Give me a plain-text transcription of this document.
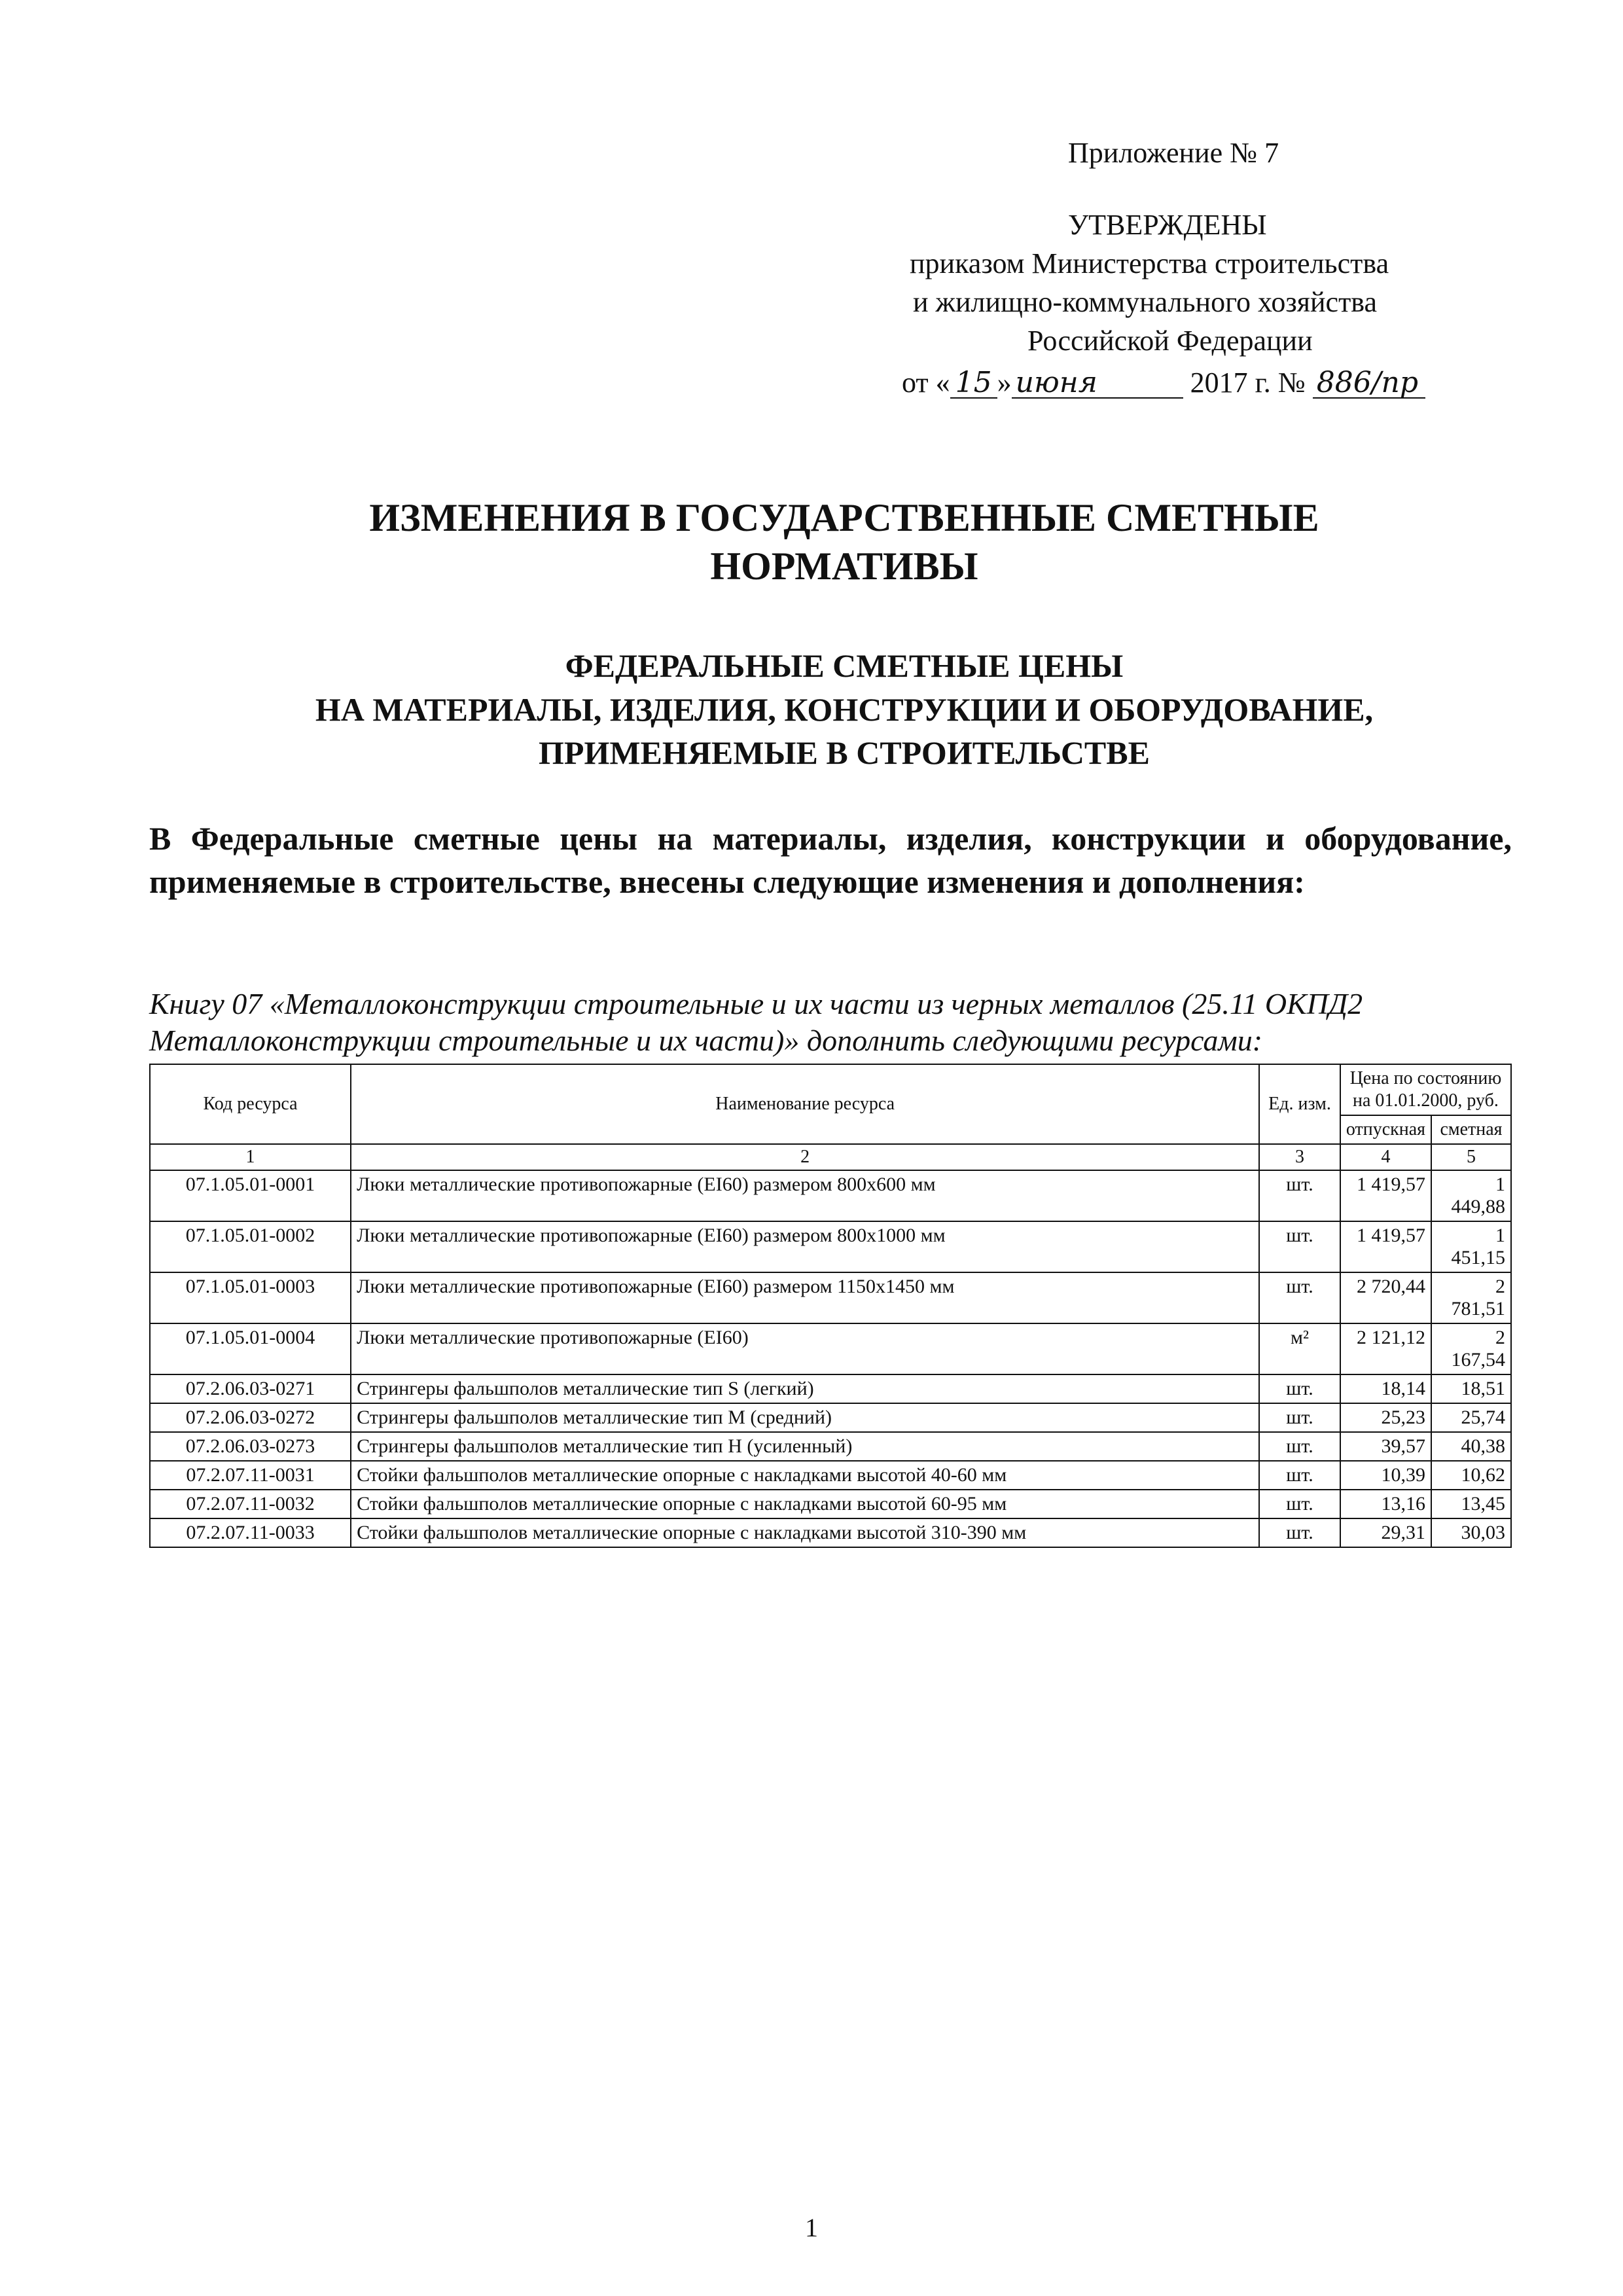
Приложение № 7
УТВЕРЖДЕНЫ
приказом Министерства строительства
и жилищно-коммунального хозяйства
Российской Федерации
от « 15 » июня	2017 г. № 886/пр
ИЗМЕНЕНИЯ В ГОСУДАРСТВЕННЫЕ СМЕТНЫЕ
НОРМАТИВЫ
ФЕДЕРАЛЬНЫЕ СМЕТНЫЕ ЦЕНЫ
НА МАТЕРИАЛЫ, ИЗДЕЛИЯ, КОНСТРУКЦИИ И ОБОРУДОВАНИЕ,
ПРИМЕНЯЕМЫЕ В СТРОИТЕЛЬСТВЕ
В Федеральные сметные цены на материалы, изделия, конструкции и оборудование, применяемые в строительстве, внесены следующие изменения и дополнения:
Книгу 07 «Металлоконструкции строительные и их части из черных металлов (25.11 ОКПД2 Металлоконструкции строительные и их части)» дополнить следующими ресурсами:
Код ресурса	Наименование ресурса	Ед. изм.	Цена по состоянию на 01.01.2000, руб.	
			отпускная	сметная
1	2	3	4	5
07.1.05.01-0001	Люки металлические противопожарные (EI60) размером 800х600 мм	шт.	1 419,57	1 449,88
07.1.05.01-0002	Люки металлические противопожарные (EI60) размером 800х1000 мм	шт.	1 419,57	1 451,15
07.1.05.01-0003	Люки металлические противопожарные (EI60) размером 1150х1450 мм	шт.	2 720,44	2 781,51
07.1.05.01-0004	Люки металлические противопожарные (EI60)	м²	2 121,12	2 167,54
07.2.06.03-0271	Стрингеры фальшполов металлические тип S (легкий)	шт.	18,14	18,51
07.2.06.03-0272	Стрингеры фальшполов металлические тип М (средний)	шт.	25,23	25,74
07.2.06.03-0273	Стрингеры фальшполов металлические тип Н (усиленный)	шт.	39,57	40,38
07.2.07.11-0031	Стойки фальшполов металлические опорные с накладками высотой 40-60 мм	шт.	10,39	10,62
07.2.07.11-0032	Стойки фальшполов металлические опорные с накладками высотой 60-95 мм	шт.	13,16	13,45
07.2.07.11-0033	Стойки фальшполов металлические опорные с накладками высотой 310-390 мм	шт.	29,31	30,03
1
